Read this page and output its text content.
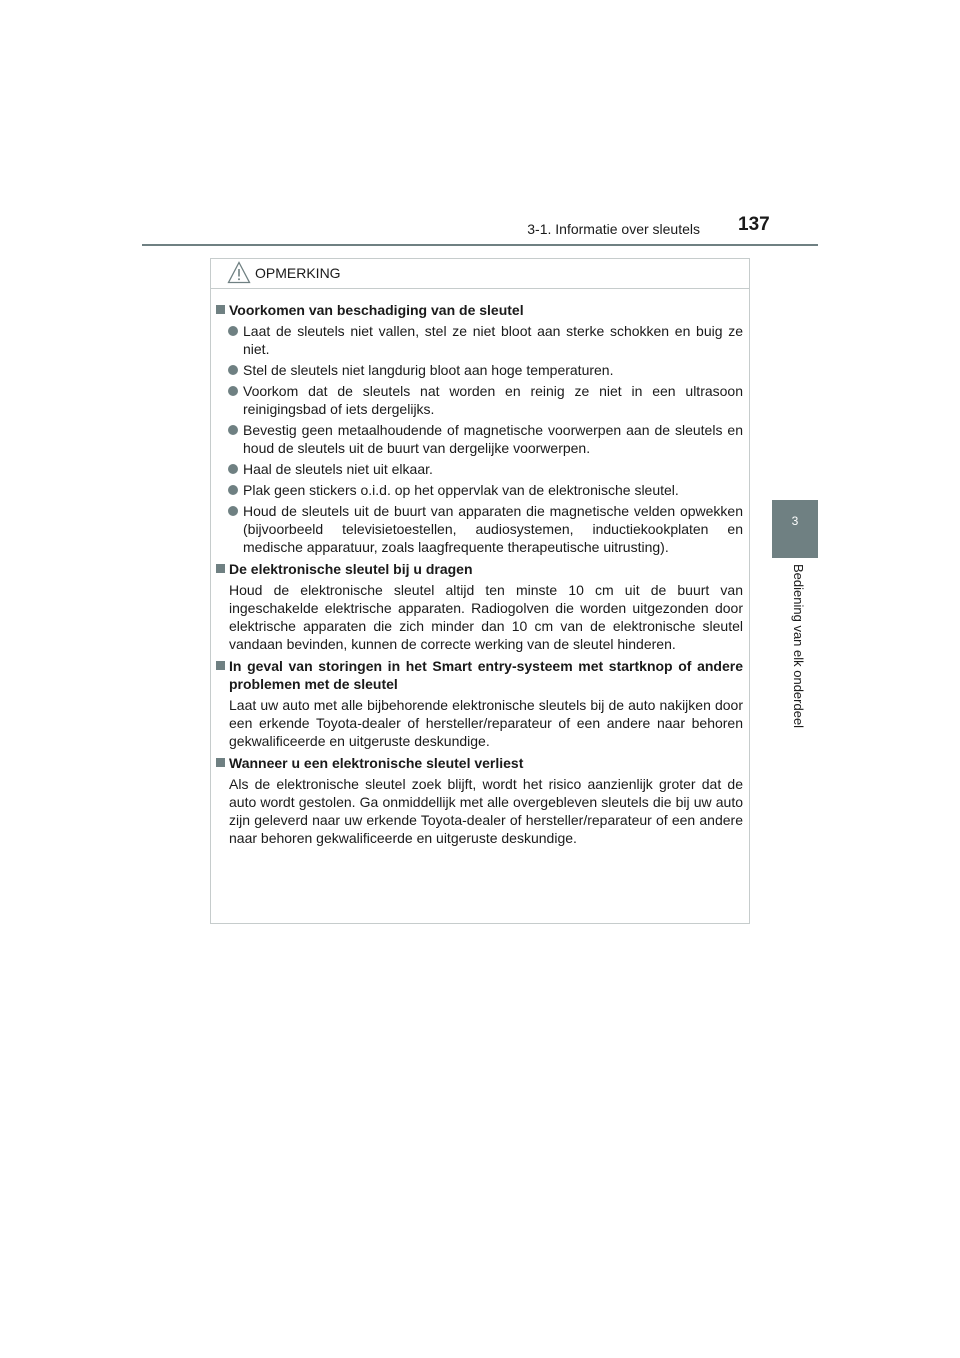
3-1. Informatie over sleutels 137
3
Bediening van elk onderdeel
OPMERKING
Voorkomen van beschadiging van de sleutel
Laat de sleutels niet vallen, stel ze niet bloot aan sterke schokken en buig ze niet.
Stel de sleutels niet langdurig bloot aan hoge temperaturen.
Voorkom dat de sleutels nat worden en reinig ze niet in een ultrasoon reinigingsbad of iets dergelijks.
Bevestig geen metaalhoudende of magnetische voorwerpen aan de sleutels en houd de sleutels uit de buurt van dergelijke voorwerpen.
Haal de sleutels niet uit elkaar.
Plak geen stickers o.i.d. op het oppervlak van de elektronische sleutel.
Houd de sleutels uit de buurt van apparaten die magnetische velden opwekken (bijvoorbeeld televisietoestellen, audiosystemen, inductiekookplaten en medische apparatuur, zoals laagfrequente therapeutische uitrusting).
De elektronische sleutel bij u dragen
Houd de elektronische sleutel altijd ten minste 10 cm uit de buurt van ingeschakelde elektrische apparaten. Radiogolven die worden uitgezonden door elektrische apparaten die zich minder dan 10 cm van de elektronische sleutel vandaan bevinden, kunnen de correcte werking van de sleutel hinderen.
In geval van storingen in het Smart entry-systeem met startknop of andere problemen met de sleutel
Laat uw auto met alle bijbehorende elektronische sleutels bij de auto nakijken door een erkende Toyota-dealer of hersteller/reparateur of een andere naar behoren gekwalificeerde en uitgeruste deskundige.
Wanneer u een elektronische sleutel verliest
Als de elektronische sleutel zoek blijft, wordt het risico aanzienlijk groter dat de auto wordt gestolen. Ga onmiddellijk met alle overgebleven sleutels die bij uw auto zijn geleverd naar uw erkende Toyota-dealer of hersteller/reparateur of een andere naar behoren gekwalificeerde en uitgeruste deskundige.
